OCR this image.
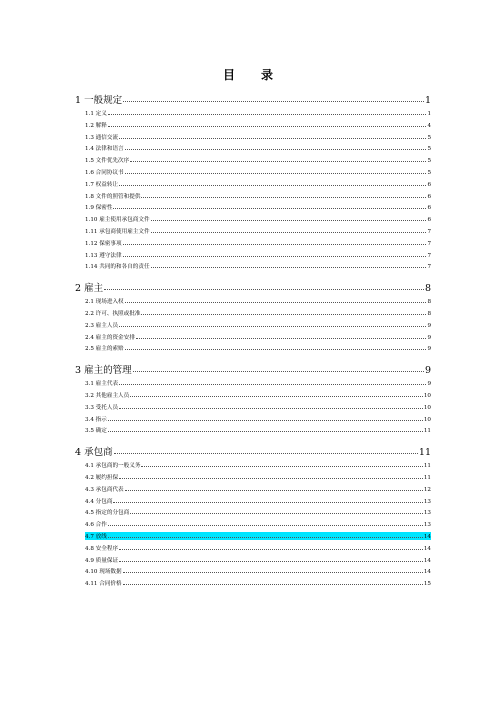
目 录
1 一般规定	1
1.1 定义	1
1.2 解释	4
1.3 通信交流	5
1.4 法律和语言	5
1.5 文件优先次序	5
1.6 合同协议书	5
1.7 权益转让	6
1.8 文件的照管和提供	6
1.9 保密性	6
1.10 雇主使用承包商文件	6
1.11 承包商使用雇主文件	7
1.12 保密事项	7
1.13 遵守法律	7
1.14 共同的和各自的责任	7
2 雇主	8
2.1 现场进入权	8
2.2 许可、执照或批准	8
2.3 雇主人员	9
2.4 雇主的资金安排	9
2.5 雇主的索赔	9
3 雇主的管理	9
3.1 雇主代表	9
3.2 其他雇主人员	10
3.3 受托人员	10
3.4 指示	10
3.5 确定	11
4 承包商	11
4.1 承包商的一般义务	11
4.2 履约担保	11
4.3 承包商代表	12
4.4 分包商	13
4.5 指定的分包商	13
4.6 合作	13
4.7 放线	14
4.8 安全程序	14
4.9 质量保证	14
4.10 现场数据	14
4.11 合同价格	15
